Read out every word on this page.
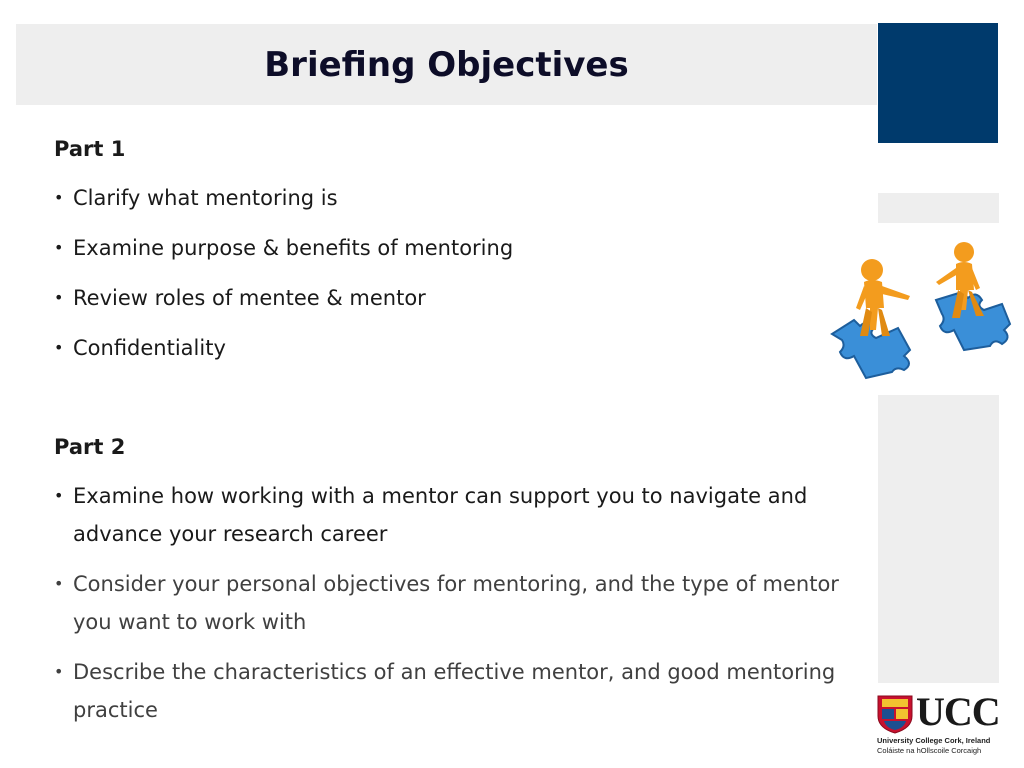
Briefing Objectives
Part 1
• Clarify what mentoring is
• Examine purpose & benefits of mentoring
• Review roles of mentee & mentor
• Confidentiality
Part 2
• Examine how working with a mentor can support you to navigate and advance your research career
• Consider your personal objectives for mentoring, and the type of mentor you want to work with
• Describe the characteristics of an effective mentor, and good mentoring practice	UCC
University College Cork, Ireland
Coláiste na hOllscoile Corcaigh
